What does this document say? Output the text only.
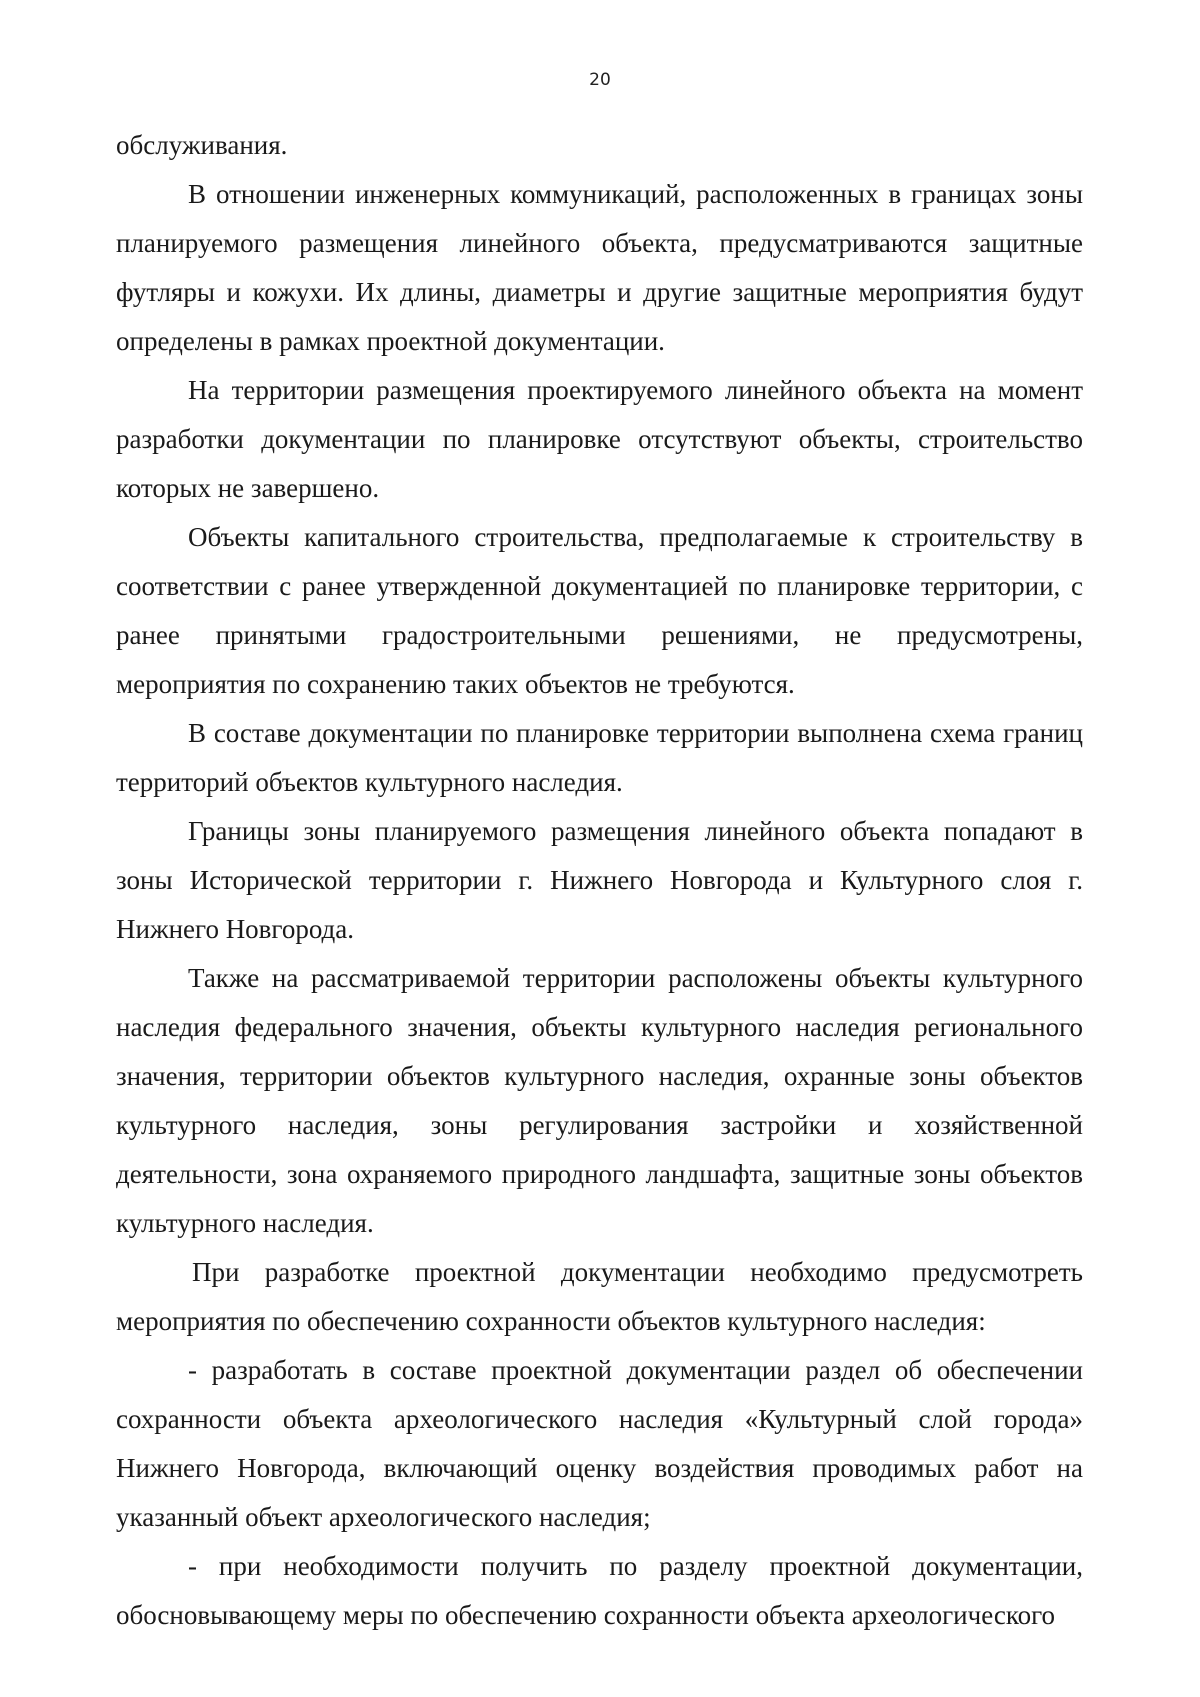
20

обслуживания.

В отношении инженерных коммуникаций, расположенных в границах зоны планируемого размещения линейного объекта, предусматриваются защитные футляры и кожухи. Их длины, диаметры и другие защитные мероприятия будут определены в рамках проектной документации.

На территории размещения проектируемого линейного объекта на момент разработки документации по планировке отсутствуют объекты, строительство которых не завершено.

Объекты капитального строительства, предполагаемые к строительству в соответствии с ранее утвержденной документацией по планировке территории, с ранее принятыми градостроительными решениями, не предусмотрены, мероприятия по сохранению таких объектов не требуются.

В составе документации по планировке территории выполнена схема границ территорий объектов культурного наследия.

Границы зоны планируемого размещения линейного объекта попадают в зоны Исторической территории г. Нижнего Новгорода и Культурного слоя г. Нижнего Новгорода.

Также на рассматриваемой территории расположены объекты культурного наследия федерального значения, объекты культурного наследия регионального значения, территории объектов культурного наследия, охранные зоны объектов культурного наследия, зоны регулирования застройки и хозяйственной деятельности, зона охраняемого природного ландшафта, защитные зоны объектов культурного наследия.

При разработке проектной документации необходимо предусмотреть мероприятия по обеспечению сохранности объектов культурного наследия:

- разработать в составе проектной документации раздел об обеспечении сохранности объекта археологического наследия «Культурный слой города» Нижнего Новгорода, включающий оценку воздействия проводимых работ на указанный объект археологического наследия;

- при необходимости получить по разделу проектной документации, обосновывающему меры по обеспечению сохранности объекта археологического
